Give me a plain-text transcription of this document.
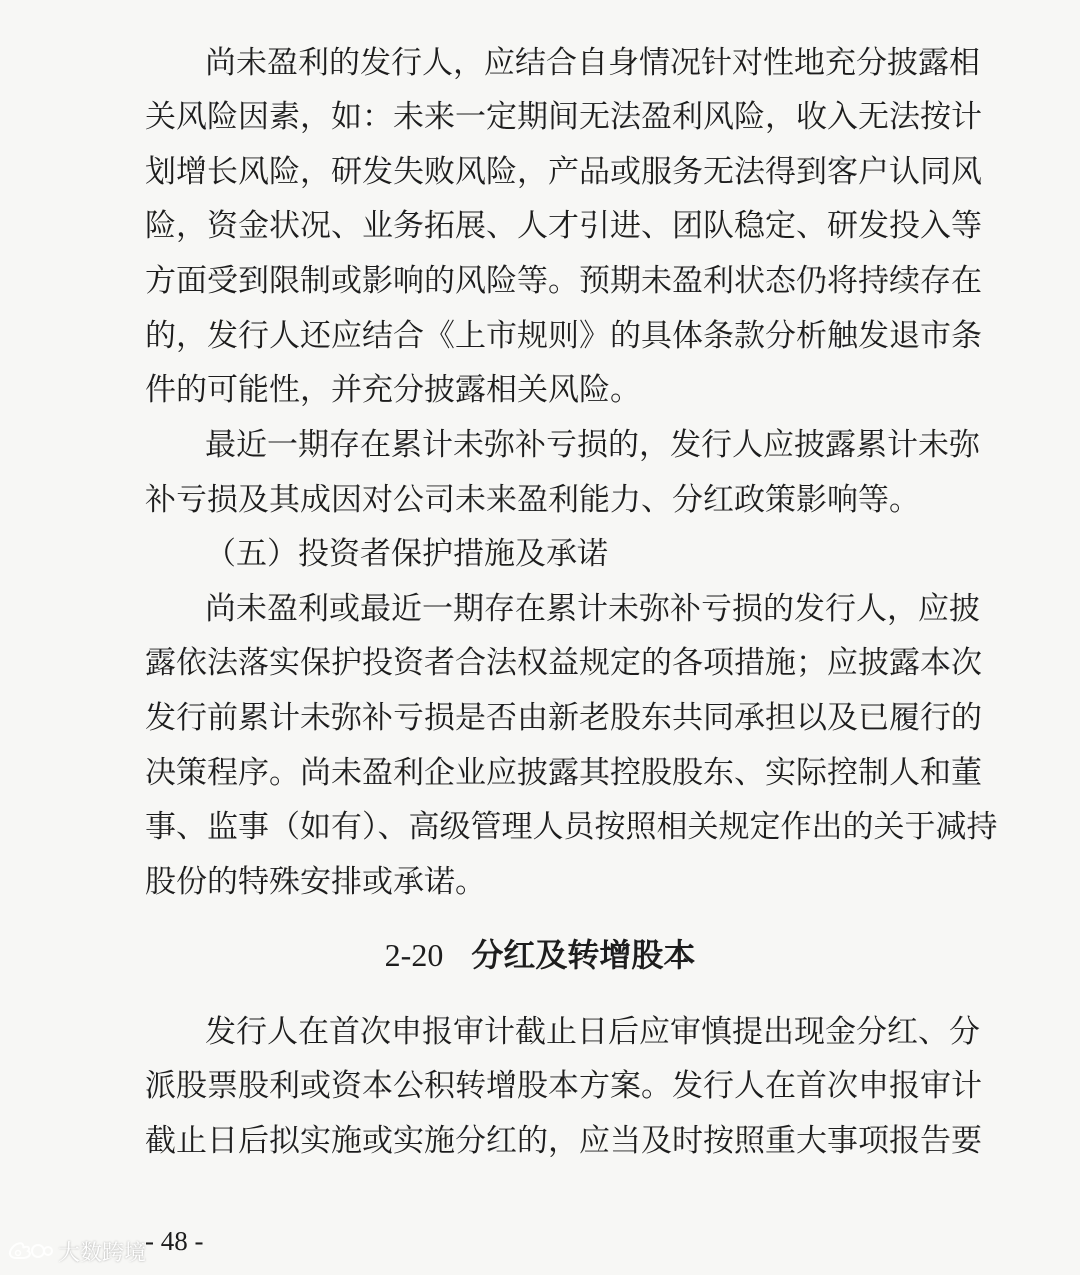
尚未盈利的发行人，应结合自身情况针对性地充分披露相
关风险因素，如：未来一定期间无法盈利风险，收入无法按计
划增长风险，研发失败风险，产品或服务无法得到客户认同风
险，资金状况、业务拓展、人才引进、团队稳定、研发投入等
方面受到限制或影响的风险等。预期未盈利状态仍将持续存在
的，发行人还应结合《上市规则》的具体条款分析触发退市条
件的可能性，并充分披露相关风险。
最近一期存在累计未弥补亏损的，发行人应披露累计未弥
补亏损及其成因对公司未来盈利能力、分红政策影响等。
（五）投资者保护措施及承诺
尚未盈利或最近一期存在累计未弥补亏损的发行人，应披
露依法落实保护投资者合法权益规定的各项措施；应披露本次
发行前累计未弥补亏损是否由新老股东共同承担以及已履行的
决策程序。尚未盈利企业应披露其控股股东、实际控制人和董
事、监事（如有）、高级管理人员按照相关规定作出的关于减持
股份的特殊安排或承诺。
2-20 分红及转增股本
发行人在首次申报审计截止日后应审慎提出现金分红、分
派股票股利或资本公积转增股本方案。发行人在首次申报审计
截止日后拟实施或实施分红的，应当及时按照重大事项报告要
- 48 -
大数跨境
